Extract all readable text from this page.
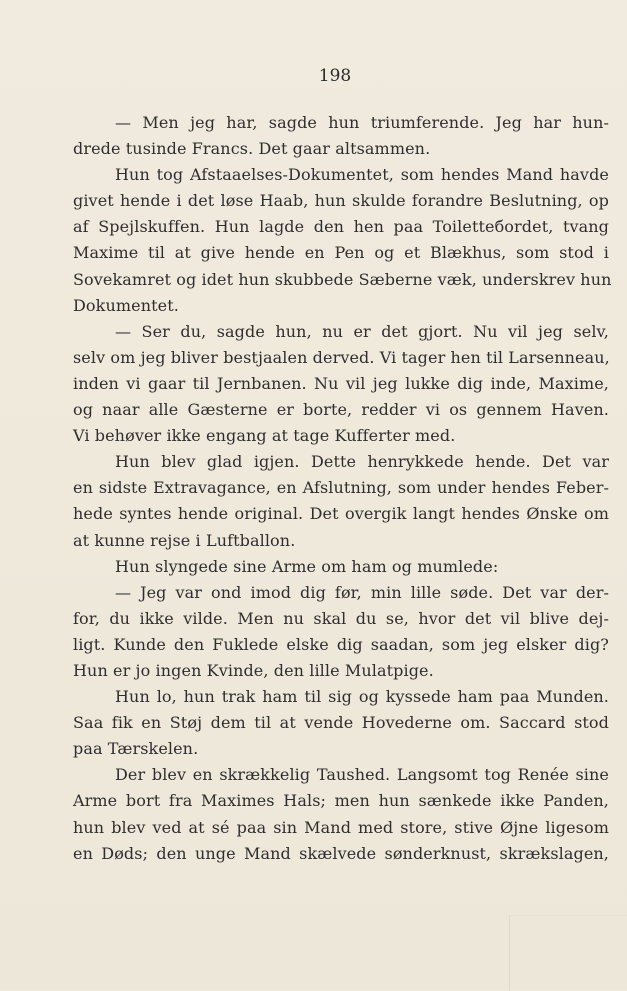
198
— Men jeg har, sagde hun triumferende. Jeg har hun-
drede tusinde Francs. Det gaar altsammen.
Hun tog Afstaaelses-Dokumentet, som hendes Mand havde
givet hende i det løse Haab, hun skulde forandre Beslutning, op
af Spejlskuffen. Hun lagde den hen paa Toiletteбordet, tvang
Maxime til at give hende en Pen og et Blækhus, som stod i
Sovekamret og idet hun skubbede Sæberne væk, underskrev hun
Dokumentet.
— Ser du, sagde hun, nu er det gjort. Nu vil jeg selv,
selv om jeg bliver bestjaalen derved. Vi tager hen til Larsenneau,
inden vi gaar til Jernbanen. Nu vil jeg lukke dig inde, Maxime,
og naar alle Gæsterne er borte, redder vi os gennem Haven.
Vi behøver ikke engang at tage Kufferter med.
Hun blev glad igjen. Dette henrykkede hende. Det var
en sidste Extravagance, en Afslutning, som under hendes Feber-
hede syntes hende original. Det overgik langt hendes Ønske om
at kunne rejse i Luftballon.
Hun slyngede sine Arme om ham og mumlede:
— Jeg var ond imod dig før, min lille søde. Det var der-
for, du ikke vilde. Men nu skal du se, hvor det vil blive dej-
ligt. Kunde den Fuklede elske dig saadan, som jeg elsker dig?
Hun er jo ingen Kvinde, den lille Mulatpige.
Hun lo, hun trak ham til sig og kyssede ham paa Munden.
Saa fik en Støj dem til at vende Hovederne om. Saccard stod
paa Tærskelen.
Der blev en skrækkelig Taushed. Langsomt tog Renée sine
Arme bort fra Maximes Hals; men hun sænkede ikke Panden,
hun blev ved at sé paa sin Mand med store, stive Øjne ligesom
en Døds; den unge Mand skælvede sønderknust, skrækslagen,
